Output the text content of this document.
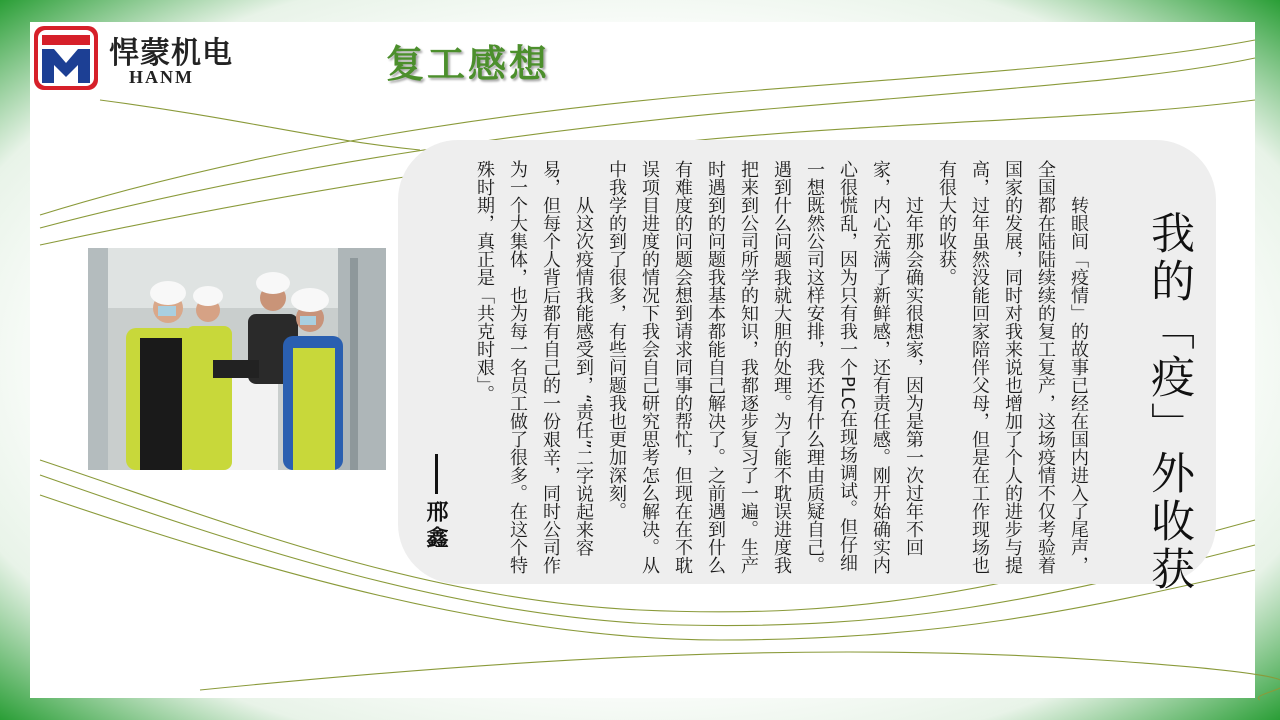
悍蒙机电
HANM	复工感想
我的「疫」外收获

转眼间「疫情」的故事已经在国内进入了尾声，全国都在陆陆续续的复工复产，这场疫情不仅考验着国家的发展，同时对我来说也增加了个人的进步与提高，过年虽然没能回家陪伴父母，但是在工作现场也有很大的收获。

过年那会确实很想家，因为是第一次过年不回家，内心充满了新鲜感，还有责任感。刚开始确实内心很慌乱，因为只有我一个PLC在现场调试。但仔细一想既然公司这样安排，我还有什么理由质疑自己。遇到什么问题我就大胆的处理。为了能不耽误进度我把来到公司所学的知识，我都逐步复习了一遍。生产时遇到的问题我基本都能自己解决了。之前遇到什么有难度的问题会想到请求同事的帮忙，但现在在不耽误项目进度的情况下我会自己研究思考怎么解决。从中我学的到了很多，有些问题我也更加深刻。

从这次疫情我能感受到，“责任”二字说起来容易，但每个人背后都有自己的一份艰辛，同时公司作为一个大集体，也为每一名员工做了很多。在这个特殊时期，真正是「共克时艰」。

邢鑫
